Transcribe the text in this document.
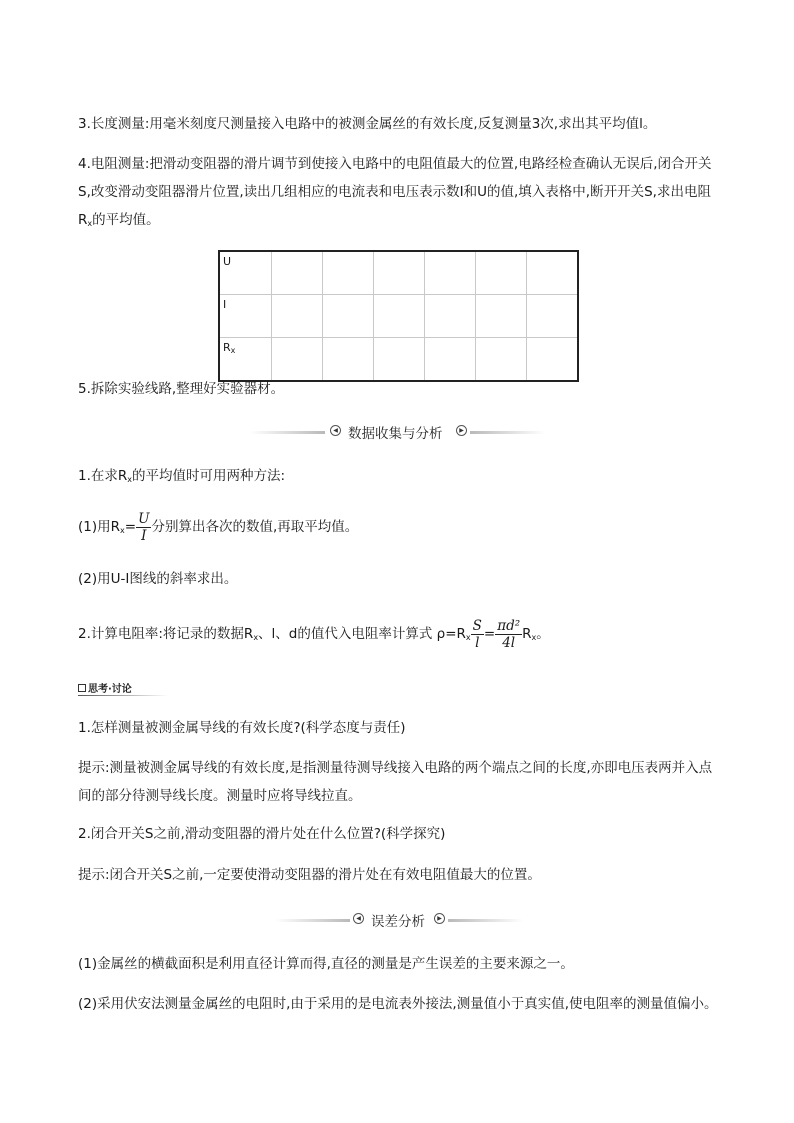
3.长度测量:用毫米刻度尺测量接入电路中的被测金属丝的有效长度,反复测量3次,求出其平均值l。
4.电阻测量:把滑动变阻器的滑片调节到使接入电路中的电阻值最大的位置,电路经检查确认无误后,闭合开关S,改变滑动变阻器滑片位置,读出几组相应的电流表和电压表示数I和U的值,填入表格中,断开开关S,求出电阻$R_x$的平均值。
U						
I						
$R_x$						
5.拆除实验线路,整理好实验器材。
◀ 数据收集与分析	▶
1.在求$R_x$的平均值时可用两种方法:
(1)用$R_x= \frac{U}{I}$ 分别算出各次的数值,再取平均值。
(2)用U-I图线的斜率求出。
2.计算电阻率:将记录的数据$R_x$、l、d的值代入电阻率计算式 $\rho=R_x \frac{S}{l} = \frac{\text{πd²}}{4l} R_x$。
思考·讨论
1.怎样测量被测金属导线的有效长度?(科学态度与责任)
提示:测量被测金属导线的有效长度,是指测量待测导线接入电路的两个端点之间的长度,亦即电压表两并入点间的部分待测导线长度。测量时应将导线拉直。
2.闭合开关S之前,滑动变阻器的滑片处在什么位置?(科学探究)
提示:闭合开关S之前,一定要使滑动变阻器的滑片处在有效电阻值最大的位置。
◀ 误差分析	▶
(1)金属丝的横截面积是利用直径计算而得,直径的测量是产生误差的主要来源之一。
(2)采用伏安法测量金属丝的电阻时,由于采用的是电流表外接法,测量值小于真实值,使电阻率的测量值偏小。
